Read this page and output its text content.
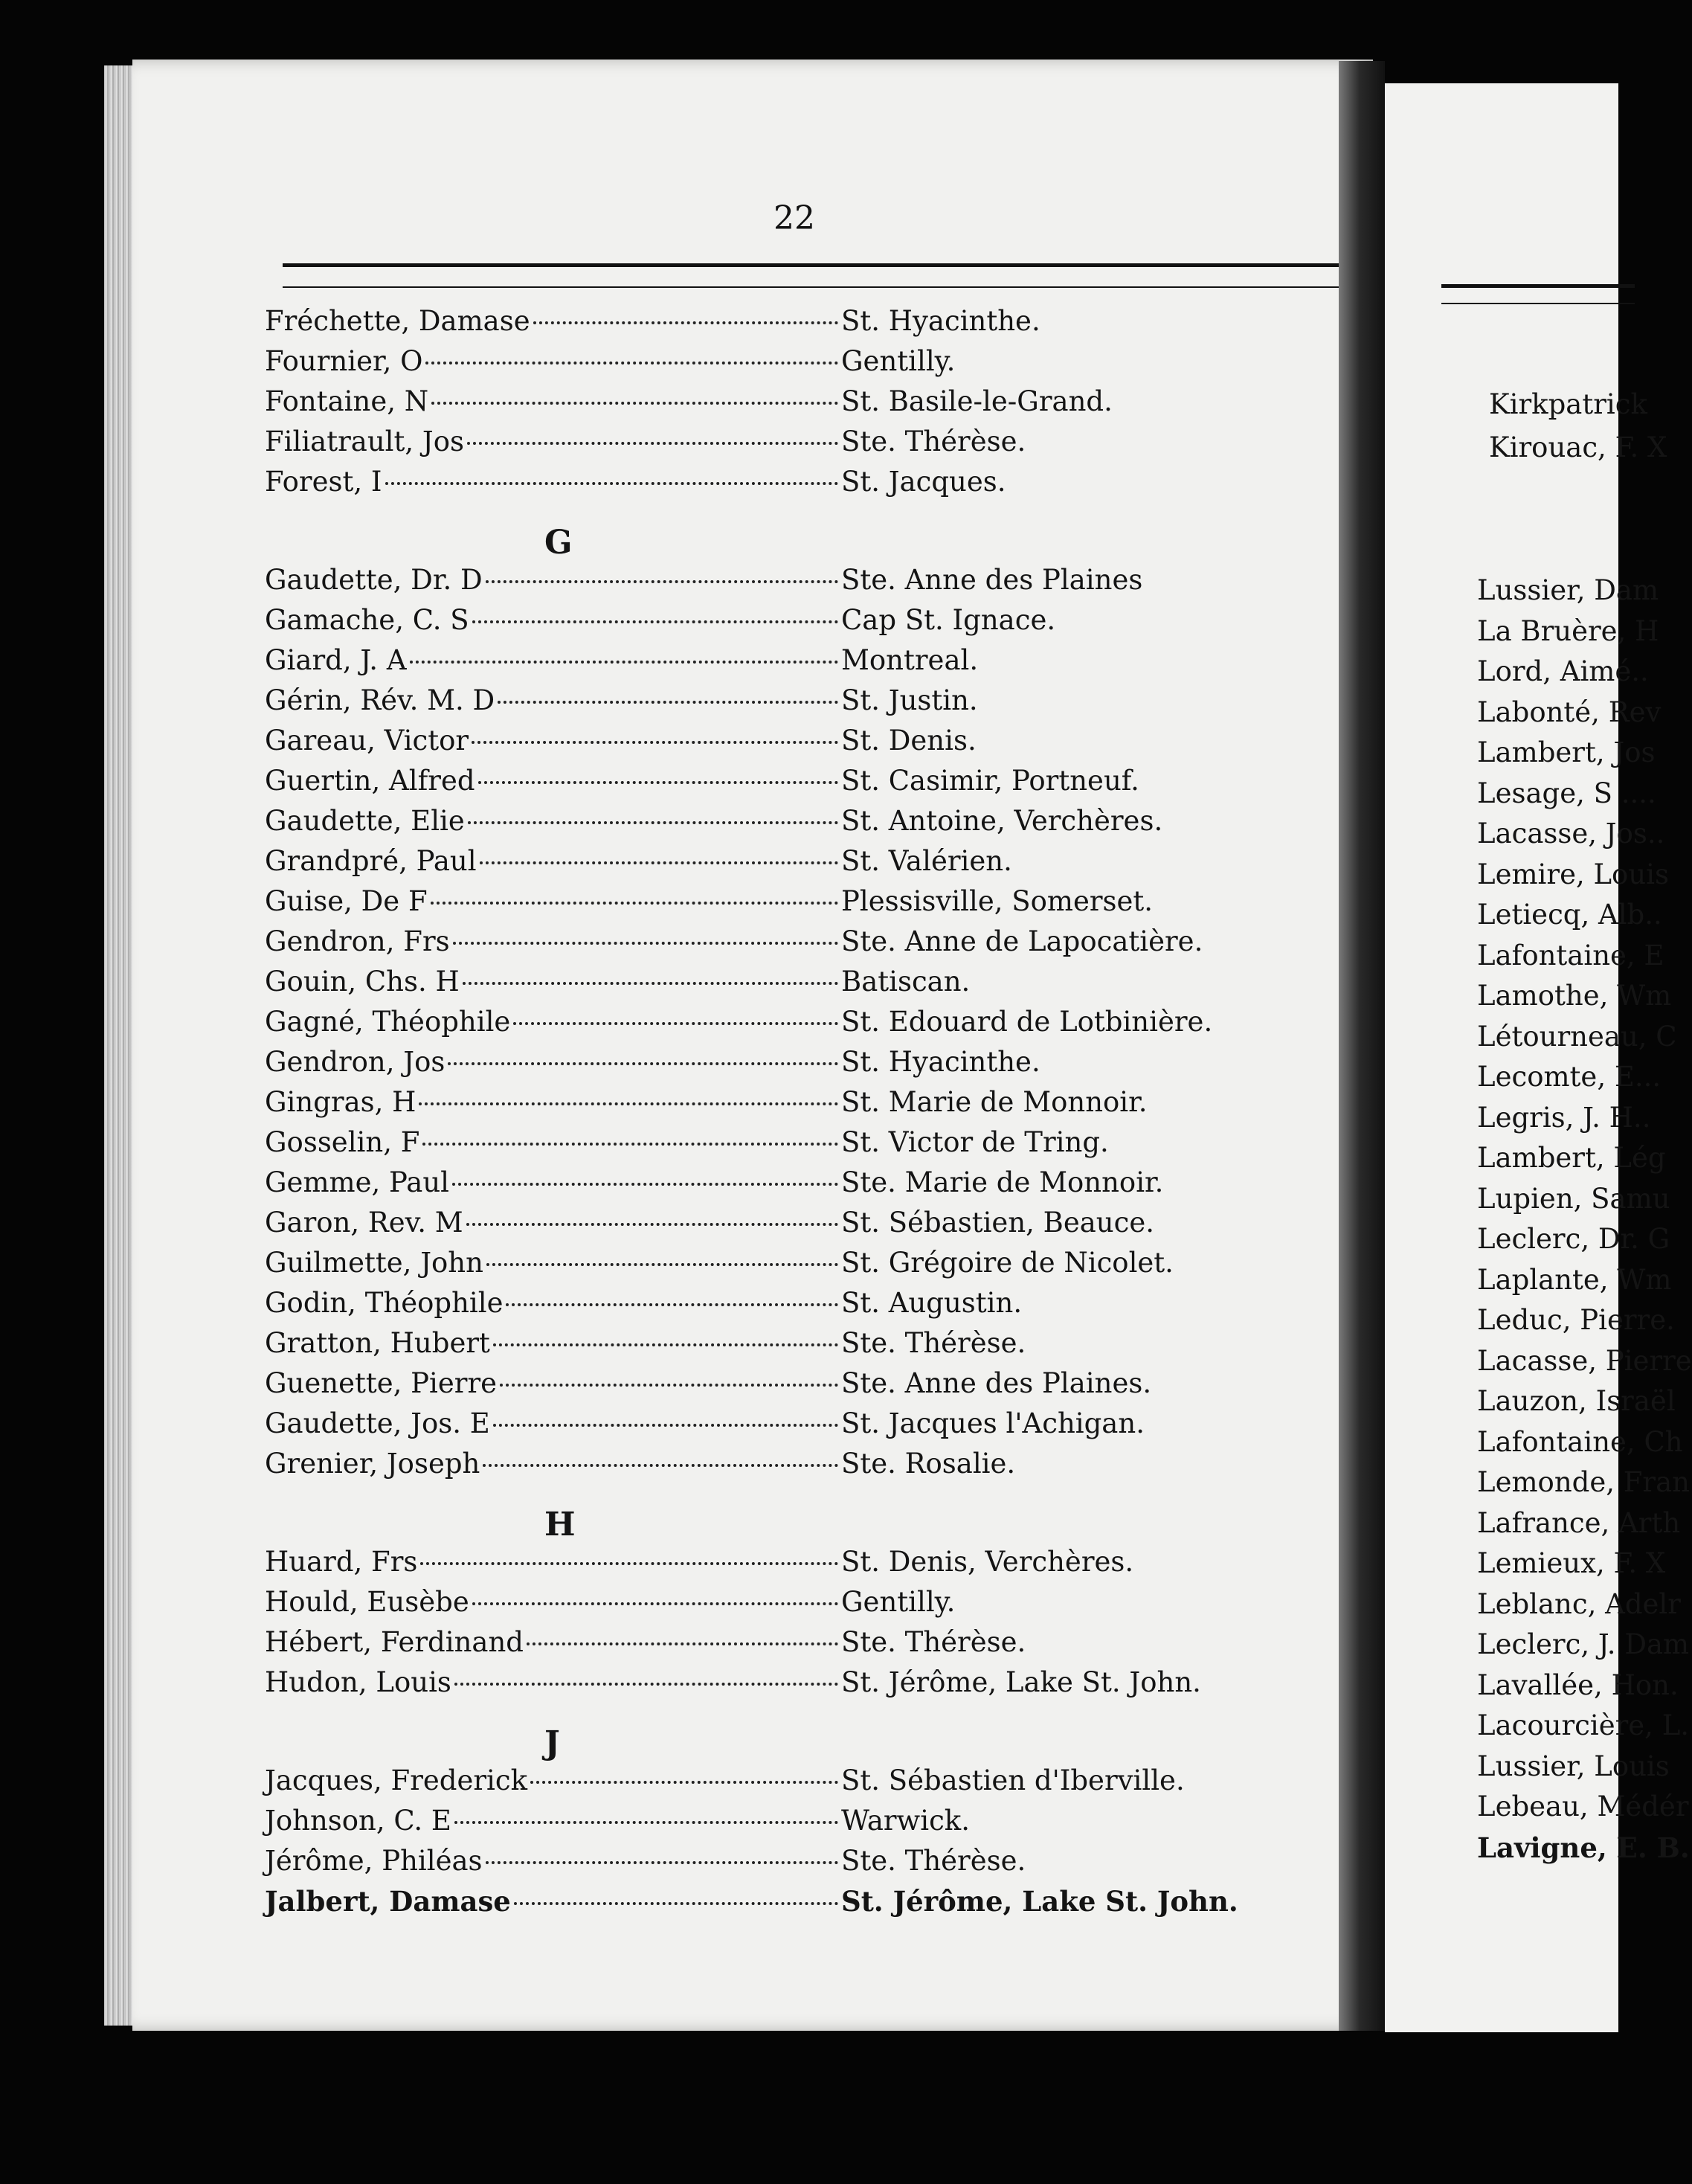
Kirkpatrick
Kirouac, F. X
Lussier, Dam
La Bruère, H
Lord, Aimé..
Labonté, Rev
Lambert, Jos
Lesage, S ....
Lacasse, Jos..
Lemire, Louis
Letiecq, Alb..
Lafontaine, E
Lamothe, Wm
Létourneau, C
Lecomte, E...
Legris, J. H..
Lambert, Lég
Lupien, Samu
Leclerc, Dr. G
Laplante, Wm
Leduc, Pierre.
Lacasse, Pierre
Lauzon, Israël
Lafontaine, Ch
Lemonde, Fran
Lafrance, Arth
Lemieux, F. X
Leblanc, Adelr
Leclerc, J. Dam
Lavallée, Hon.
Lacourcière, L.
Lussier, Louis
Lebeau, Médér
Lavigne, E. B.
22
Fréchette, Damase	St. Hyacinthe.
Fournier, O	Gentilly.
Fontaine, N	St. Basile-le-Grand.
Filiatrault, Jos	Ste. Thérèse.
Forest, I	St. Jacques.
G
Gaudette, Dr. D	Ste. Anne des Plaines
Gamache, C. S	Cap St. Ignace.
Giard, J. A	Montreal.
Gérin, Rév. M. D	St. Justin.
Gareau, Victor	St. Denis.
Guertin, Alfred	St. Casimir, Portneuf.
Gaudette, Elie	St. Antoine, Verchères.
Grandpré, Paul	St. Valérien.
Guise, De F	Plessisville, Somerset.
Gendron, Frs	Ste. Anne de Lapocatière.
Gouin, Chs. H	Batiscan.
Gagné, Théophile	St. Edouard de Lotbinière.
Gendron, Jos	St. Hyacinthe.
Gingras, H	St. Marie de Monnoir.
Gosselin, F	St. Victor de Tring.
Gemme, Paul	Ste. Marie de Monnoir.
Garon, Rev. M	St. Sébastien, Beauce.
Guilmette, John	St. Grégoire de Nicolet.
Godin, Théophile	St. Augustin.
Gratton, Hubert	Ste. Thérèse.
Guenette, Pierre	Ste. Anne des Plaines.
Gaudette, Jos. E	St. Jacques l'Achigan.
Grenier, Joseph	Ste. Rosalie.
H
Huard, Frs	St. Denis, Verchères.
Hould, Eusèbe	Gentilly.
Hébert, Ferdinand	Ste. Thérèse.
Hudon, Louis	St. Jérôme, Lake St. John.
J
Jacques, Frederick	St. Sébastien d'Iberville.
Johnson, C. E	Warwick.
Jérôme, Philéas	Ste. Thérèse.
Jalbert, Damase	St. Jérôme, Lake St. John.
